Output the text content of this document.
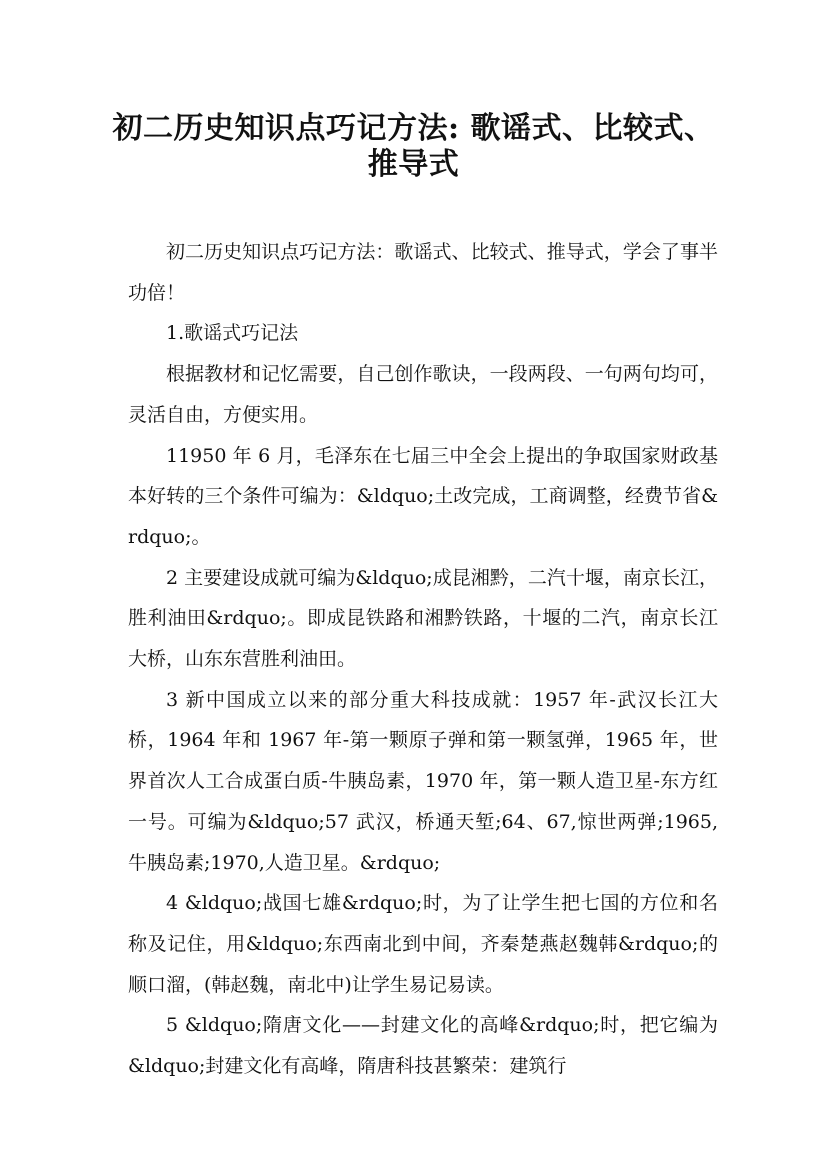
初二历史知识点巧记方法: 歌谣式、比较式、
推导式

初二历史知识点巧记方法：歌谣式、比较式、推导式，学会了事半功倍！

1.歌谣式巧记法

根据教材和记忆需要，自己创作歌诀，一段两段、一句两句均可，灵活自由，方便实用。

11950 年 6 月，毛泽东在七届三中全会上提出的争取国家财政基本好转的三个条件可编为：&ldquo;土改完成，工商调整，经费节省&rdquo;。

2 主要建设成就可编为&ldquo;成昆湘黔，二汽十堰，南京长江，胜利油田&rdquo;。即成昆铁路和湘黔铁路，十堰的二汽，南京长江大桥，山东东营胜利油田。

3 新中国成立以来的部分重大科技成就：1957 年-武汉长江大桥，1964 年和 1967 年-第一颗原子弹和第一颗氢弹，1965 年，世界首次人工合成蛋白质-牛胰岛素，1970 年，第一颗人造卫星-东方红一号。可编为&ldquo;57 武汉，桥通天堑;64、67,惊世两弹;1965,牛胰岛素;1970,人造卫星。&rdquo;

4 &ldquo;战国七雄&rdquo;时，为了让学生把七国的方位和名称及记住，用&ldquo;东西南北到中间，齐秦楚燕赵魏韩&rdquo;的顺口溜，(韩赵魏，南北中)让学生易记易读。

5 &ldquo;隋唐文化——封建文化的高峰&rdquo;时，把它编为&ldquo;封建文化有高峰，隋唐科技甚繁荣：建筑行
